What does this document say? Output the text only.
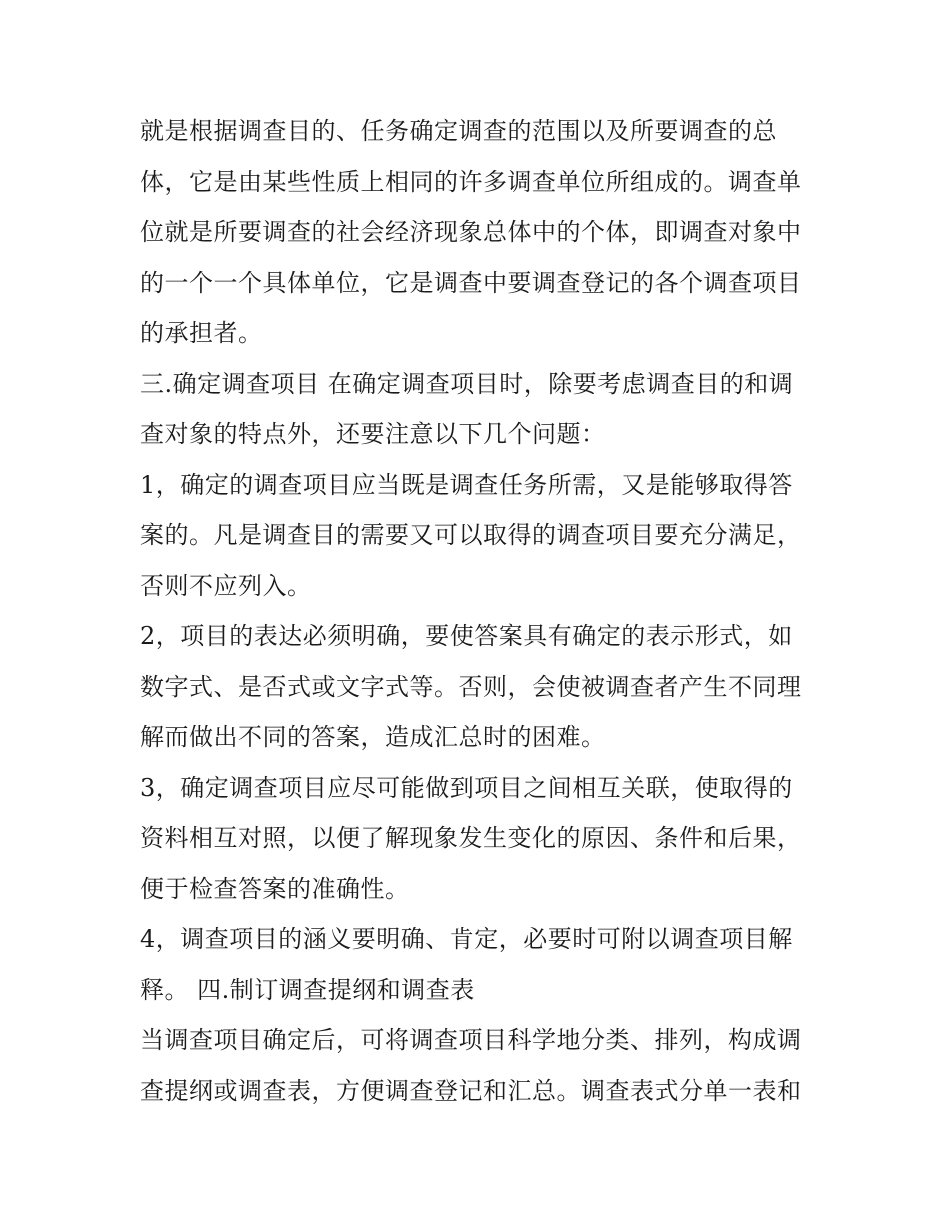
就是根据调查目的、任务确定调查的范围以及所要调查的总
体，它是由某些性质上相同的许多调查单位所组成的。调查单
位就是所要调查的社会经济现象总体中的个体，即调查对象中
的一个一个具体单位，它是调查中要调查登记的各个调查项目
的承担者。
三.确定调查项目 在确定调查项目时，除要考虑调查目的和调
查对象的特点外，还要注意以下几个问题：
1，确定的调查项目应当既是调查任务所需，又是能够取得答
案的。凡是调查目的需要又可以取得的调查项目要充分满足，
否则不应列入。
2，项目的表达必须明确，要使答案具有确定的表示形式，如
数字式、是否式或文字式等。否则，会使被调查者产生不同理
解而做出不同的答案，造成汇总时的困难。
3，确定调查项目应尽可能做到项目之间相互关联，使取得的
资料相互对照，以便了解现象发生变化的原因、条件和后果，
便于检查答案的准确性。
4，调查项目的涵义要明确、肯定，必要时可附以调查项目解
释。 四.制订调查提纲和调查表
当调查项目确定后，可将调查项目科学地分类、排列，构成调
查提纲或调查表，方便调查登记和汇总。调查表式分单一表和
